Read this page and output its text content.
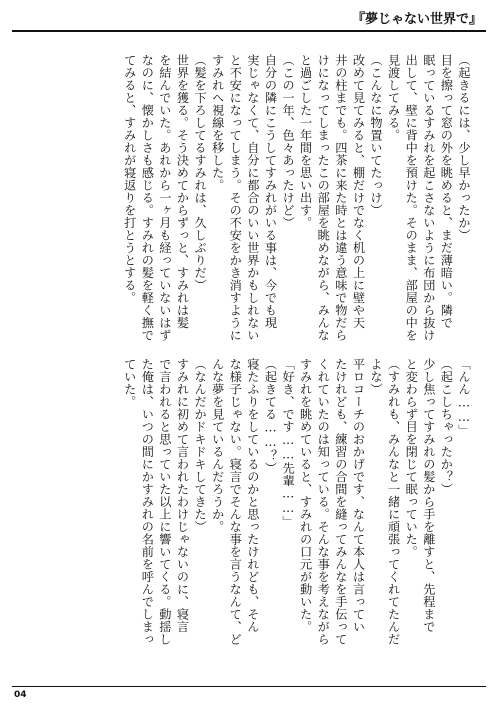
『夢じゃない世界で』

（起きるには、少し早かったか）

目を擦って窓の外を眺めると、まだ薄暗い。隣で

眠っているすみれを起こさないように布団から抜け

出して、壁に背中を預けた。そのまま、部屋の中を

見渡してみる。

（こんなに物置いてたっけ）

改めて見てみると、棚だけでなく机の上に壁や天

井の柱までも。四茶に来た時とは違う意味で物だら

けになってしまったこの部屋を眺めながら、みんな

と過ごした一年間を思い出す。

（この一年、色々あったけど）

自分の隣にこうしてすみれがいる事は、今でも現

実じゃなくて、自分に都合のいい世界かもしれない

と不安になってしまう。その不安をかき消すように

すみれへ視線を移した。

（髪を下ろしてるすみれは、久しぶりだ）

世界を獲る。そう決めてからずっと、すみれは髪

を結んでいた。あれから一ヶ月も経っていないはず

なのに、懐かしさも感じる。すみれの髪を軽く撫で

てみると、すみれが寝返りを打とうとする。

「んん……」

（起こしちゃったか？）

少し焦ってすみれの髪から手を離すと、先程まで

と変わらず目を閉じて眠っていた。

（すみれも、みんなと一緒に頑張ってくれてたんだ

よな）

平ロコーチのおかげです、なんて本人は言ってい

たけれども、練習の合間を縫ってみんなを手伝って

くれていたのは知っている。そんな事を考えながら

すみれを眺めていると、すみれの口元が動いた。

「好き、です……先輩……」

（起きてる……？）

寝たふりをしているのかと思ったけれども、そん

な様子じゃない。寝言でそんな事を言うなんて、ど

んな夢を見ているんだろうか。

（なんだかドキドキしてきた）

すみれに初めて言われたわけじゃないのに、寝言

で言われると思っていた以上に響いてくる。動揺し

た俺は、いつの間にかすみれの名前を呼んでしまっ

ていた。

04
